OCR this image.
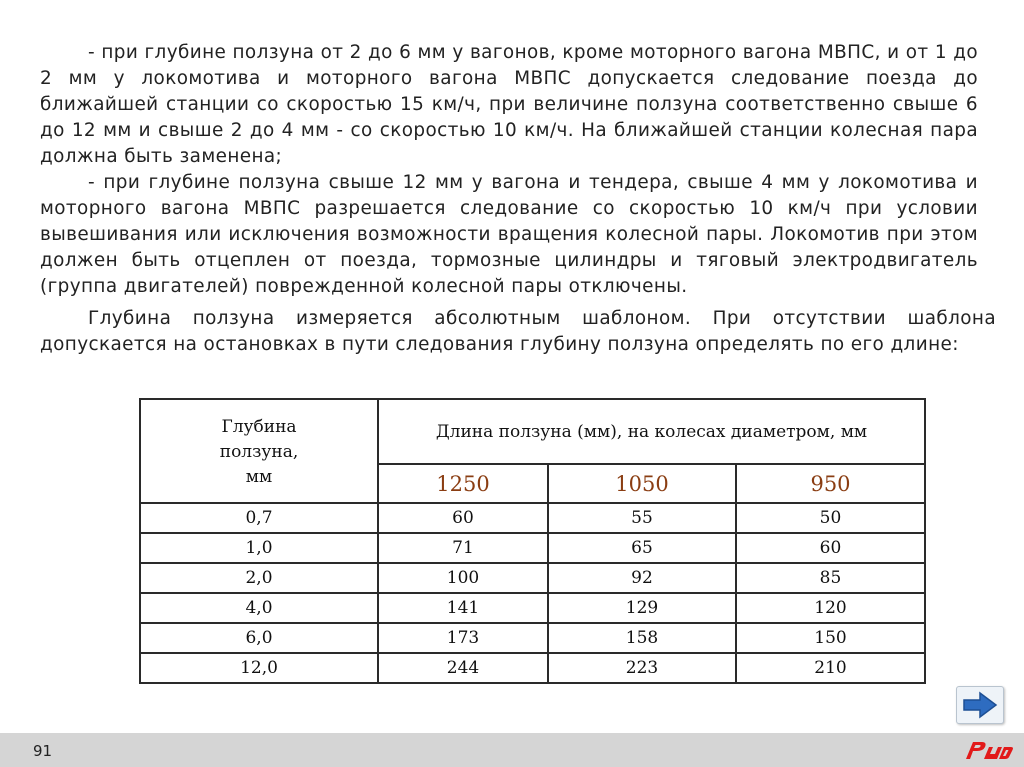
- при глубине ползуна от 2 до 6 мм у вагонов, кроме моторного вагона МВПС, и от 1 до 2 мм у локомотива и моторного вагона МВПС допускается следование поезда до ближайшей станции со скоростью 15 км/ч, при величине ползуна соответственно свыше 6 до 12 мм и свыше 2 до 4 мм - со скоростью 10 км/ч. На ближайшей станции колесная пара должна быть заменена;

- при глубине ползуна свыше 12 мм у вагона и тендера, свыше 4 мм у локомотива и моторного вагона МВПС разрешается следование со скоростью 10 км/ч при условии вывешивания или исключения возможности вращения колесной пары. Локомотив при этом должен быть отцеплен от поезда, тормозные цилиндры и тяговый электродвигатель (группа двигателей) поврежденной колесной пары отключены.

Глубина ползуна измеряется абсолютным шаблоном. При отсутствии шаблона допускается на остановках в пути следования глубину ползуна определять по его длине:

Глубина
ползуна,
мм	Длина ползуна (мм), на колесах диаметром, мм		
	1250	1050	950
0,7	60	55	50
1,0	71	65	60
2,0	100	92	85
4,0	141	129	120
6,0	173	158	150
12,0	244	223	210
91
